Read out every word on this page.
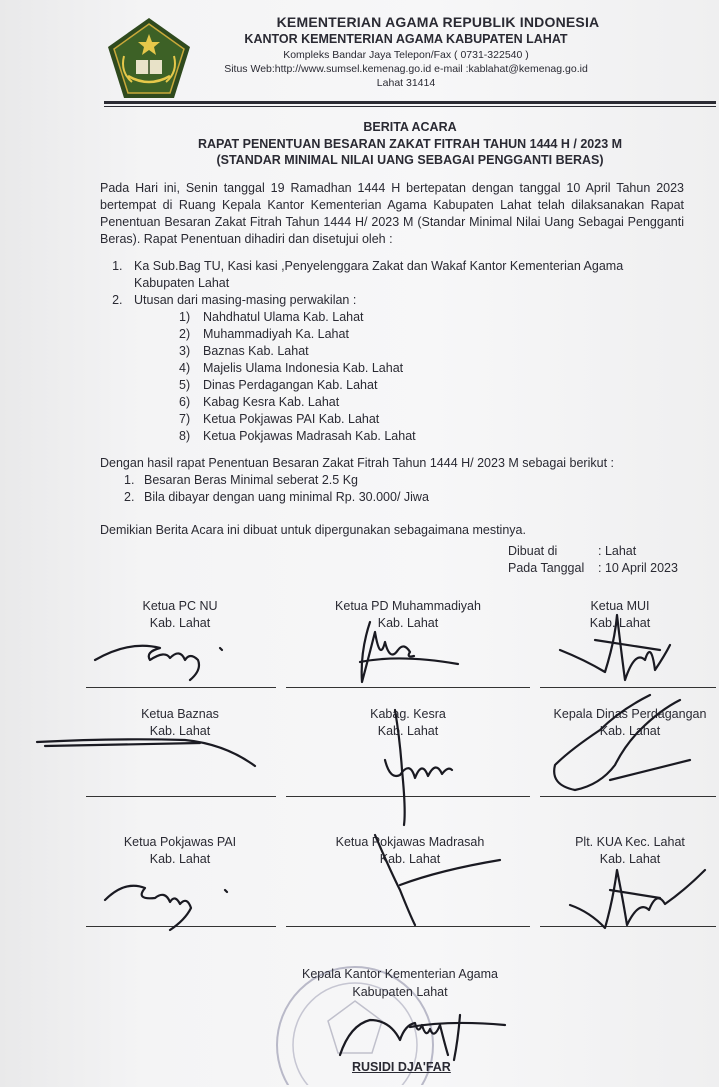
KEMENTERIAN AGAMA REPUBLIK INDONESIA
KANTOR KEMENTERIAN AGAMA KABUPATEN LAHAT
Kompleks Bandar Jaya Telepon/Fax ( 0731-322540 )
Situs Web:http://www.sumsel.kemenag.go.id e-mail :kablahat@kemenag.go.id
Lahat 31414
BERITA ACARA
RAPAT PENENTUAN BESARAN ZAKAT FITRAH TAHUN 1444 H / 2023 M
(STANDAR MINIMAL NILAI UANG SEBAGAI PENGGANTI BERAS)
Pada Hari ini, Senin tanggal 19 Ramadhan 1444 H bertepatan dengan tanggal 10 April Tahun 2023 bertempat di Ruang Kepala Kantor Kementerian Agama Kabupaten Lahat telah dilaksanakan Rapat Penentuan Besaran Zakat Fitrah Tahun 1444 H/ 2023 M (Standar Minimal Nilai Uang Sebagai Pengganti Beras). Rapat Penentuan dihadiri dan disetujui oleh :
1. Ka Sub.Bag TU, Kasi kasi ,Penyelenggara Zakat dan Wakaf Kantor Kementerian Agama Kabupaten Lahat
2. Utusan dari masing-masing perwakilan :
1) Nahdhatul Ulama Kab. Lahat
2) Muhammadiyah Ka. Lahat
3) Baznas Kab. Lahat
4) Majelis Ulama Indonesia Kab. Lahat
5) Dinas Perdagangan Kab. Lahat
6) Kabag Kesra Kab. Lahat
7) Ketua Pokjawas PAI Kab. Lahat
8) Ketua Pokjawas Madrasah Kab. Lahat
Dengan hasil rapat Penentuan Besaran Zakat Fitrah Tahun 1444 H/ 2023 M sebagai berikut :
1. Besaran Beras Minimal seberat 2.5 Kg
2. Bila dibayar dengan uang minimal Rp. 30.000/ Jiwa
Demikian Berita Acara ini dibuat untuk dipergunakan sebagaimana mestinya.
Dibuat di	: Lahat
Pada Tanggal : 10 April 2023
Ketua PC NU
Kab. Lahat
Ketua PD Muhammadiyah
Kab. Lahat
Ketua MUI
Kab. Lahat
Ketua Baznas
Kab. Lahat
Kabag. Kesra
Kab. Lahat
Kepala Dinas Perdagangan
Kab. Lahat
Ketua Pokjawas PAI
Kab. Lahat
Ketua Pokjawas Madrasah
Kab. Lahat
Plt. KUA Kec. Lahat
Kab. Lahat
Kepala Kantor Kementerian Agama
Kabupaten Lahat
RUSIDI DJA'FAR
